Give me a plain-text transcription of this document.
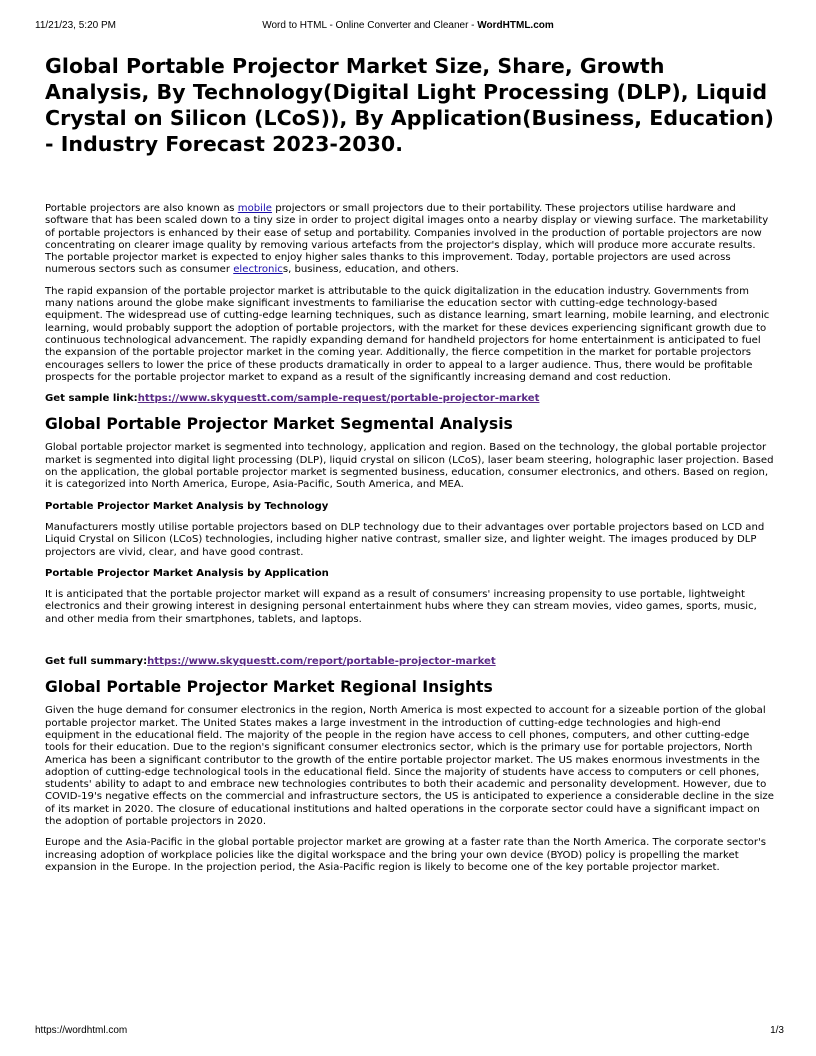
11/21/23, 5:20 PM	Word to HTML - Online Converter and Cleaner - WordHTML.com
Global Portable Projector Market Size, Share, Growth Analysis, By Technology(Digital Light Processing (DLP), Liquid Crystal on Silicon (LCoS)), By Application(Business, Education) - Industry Forecast 2023-2030.

Portable projectors are also known as mobile projectors or small projectors due to their portability. These projectors utilise hardware and software that has been scaled down to a tiny size in order to project digital images onto a nearby display or viewing surface. The marketability of portable projectors is enhanced by their ease of setup and portability. Companies involved in the production of portable projectors are now concentrating on clearer image quality by removing various artefacts from the projector's display, which will produce more accurate results. The portable projector market is expected to enjoy higher sales thanks to this improvement. Today, portable projectors are used across numerous sectors such as consumer electronics, business, education, and others.

The rapid expansion of the portable projector market is attributable to the quick digitalization in the education industry. Governments from many nations around the globe make significant investments to familiarise the education sector with cutting-edge technology-based equipment. The widespread use of cutting-edge learning techniques, such as distance learning, smart learning, mobile learning, and electronic learning, would probably support the adoption of portable projectors, with the market for these devices experiencing significant growth due to continuous technological advancement. The rapidly expanding demand for handheld projectors for home entertainment is anticipated to fuel the expansion of the portable projector market in the coming year. Additionally, the fierce competition in the market for portable projectors encourages sellers to lower the price of these products dramatically in order to appeal to a larger audience. Thus, there would be profitable prospects for the portable projector market to expand as a result of the significantly increasing demand and cost reduction.

Get sample link:https://www.skyquestt.com/sample-request/portable-projector-market

Global Portable Projector Market Segmental Analysis

Global portable projector market is segmented into technology, application and region. Based on the technology, the global portable projector market is segmented into digital light processing (DLP), liquid crystal on silicon (LCoS), laser beam steering, holographic laser projection. Based on the application, the global portable projector market is segmented business, education, consumer electronics, and others. Based on region, it is categorized into North America, Europe, Asia-Pacific, South America, and MEA.

Portable Projector Market Analysis by Technology

Manufacturers mostly utilise portable projectors based on DLP technology due to their advantages over portable projectors based on LCD and Liquid Crystal on Silicon (LCoS) technologies, including higher native contrast, smaller size, and lighter weight. The images produced by DLP projectors are vivid, clear, and have good contrast.

Portable Projector Market Analysis by Application

It is anticipated that the portable projector market will expand as a result of consumers' increasing propensity to use portable, lightweight electronics and their growing interest in designing personal entertainment hubs where they can stream movies, video games, sports, music, and other media from their smartphones, tablets, and laptops.

Get full summary:https://www.skyquestt.com/report/portable-projector-market

Global Portable Projector Market Regional Insights

Given the huge demand for consumer electronics in the region, North America is most expected to account for a sizeable portion of the global portable projector market. The United States makes a large investment in the introduction of cutting-edge technologies and high-end equipment in the educational field. The majority of the people in the region have access to cell phones, computers, and other cutting-edge tools for their education. Due to the region's significant consumer electronics sector, which is the primary use for portable projectors, North America has been a significant contributor to the growth of the entire portable projector market. The US makes enormous investments in the adoption of cutting-edge technological tools in the educational field. Since the majority of students have access to computers or cell phones, students' ability to adapt to and embrace new technologies contributes to both their academic and personality development. However, due to COVID-19's negative effects on the commercial and infrastructure sectors, the US is anticipated to experience a considerable decline in the size of its market in 2020. The closure of educational institutions and halted operations in the corporate sector could have a significant impact on the adoption of portable projectors in 2020.

Europe and the Asia-Pacific in the global portable projector market are growing at a faster rate than the North America. The corporate sector's increasing adoption of workplace policies like the digital workspace and the bring your own device (BYOD) policy is propelling the market expansion in the Europe. In the projection period, the Asia-Pacific region is likely to become one of the key portable projector market.

https://wordhtml.com	1/3
